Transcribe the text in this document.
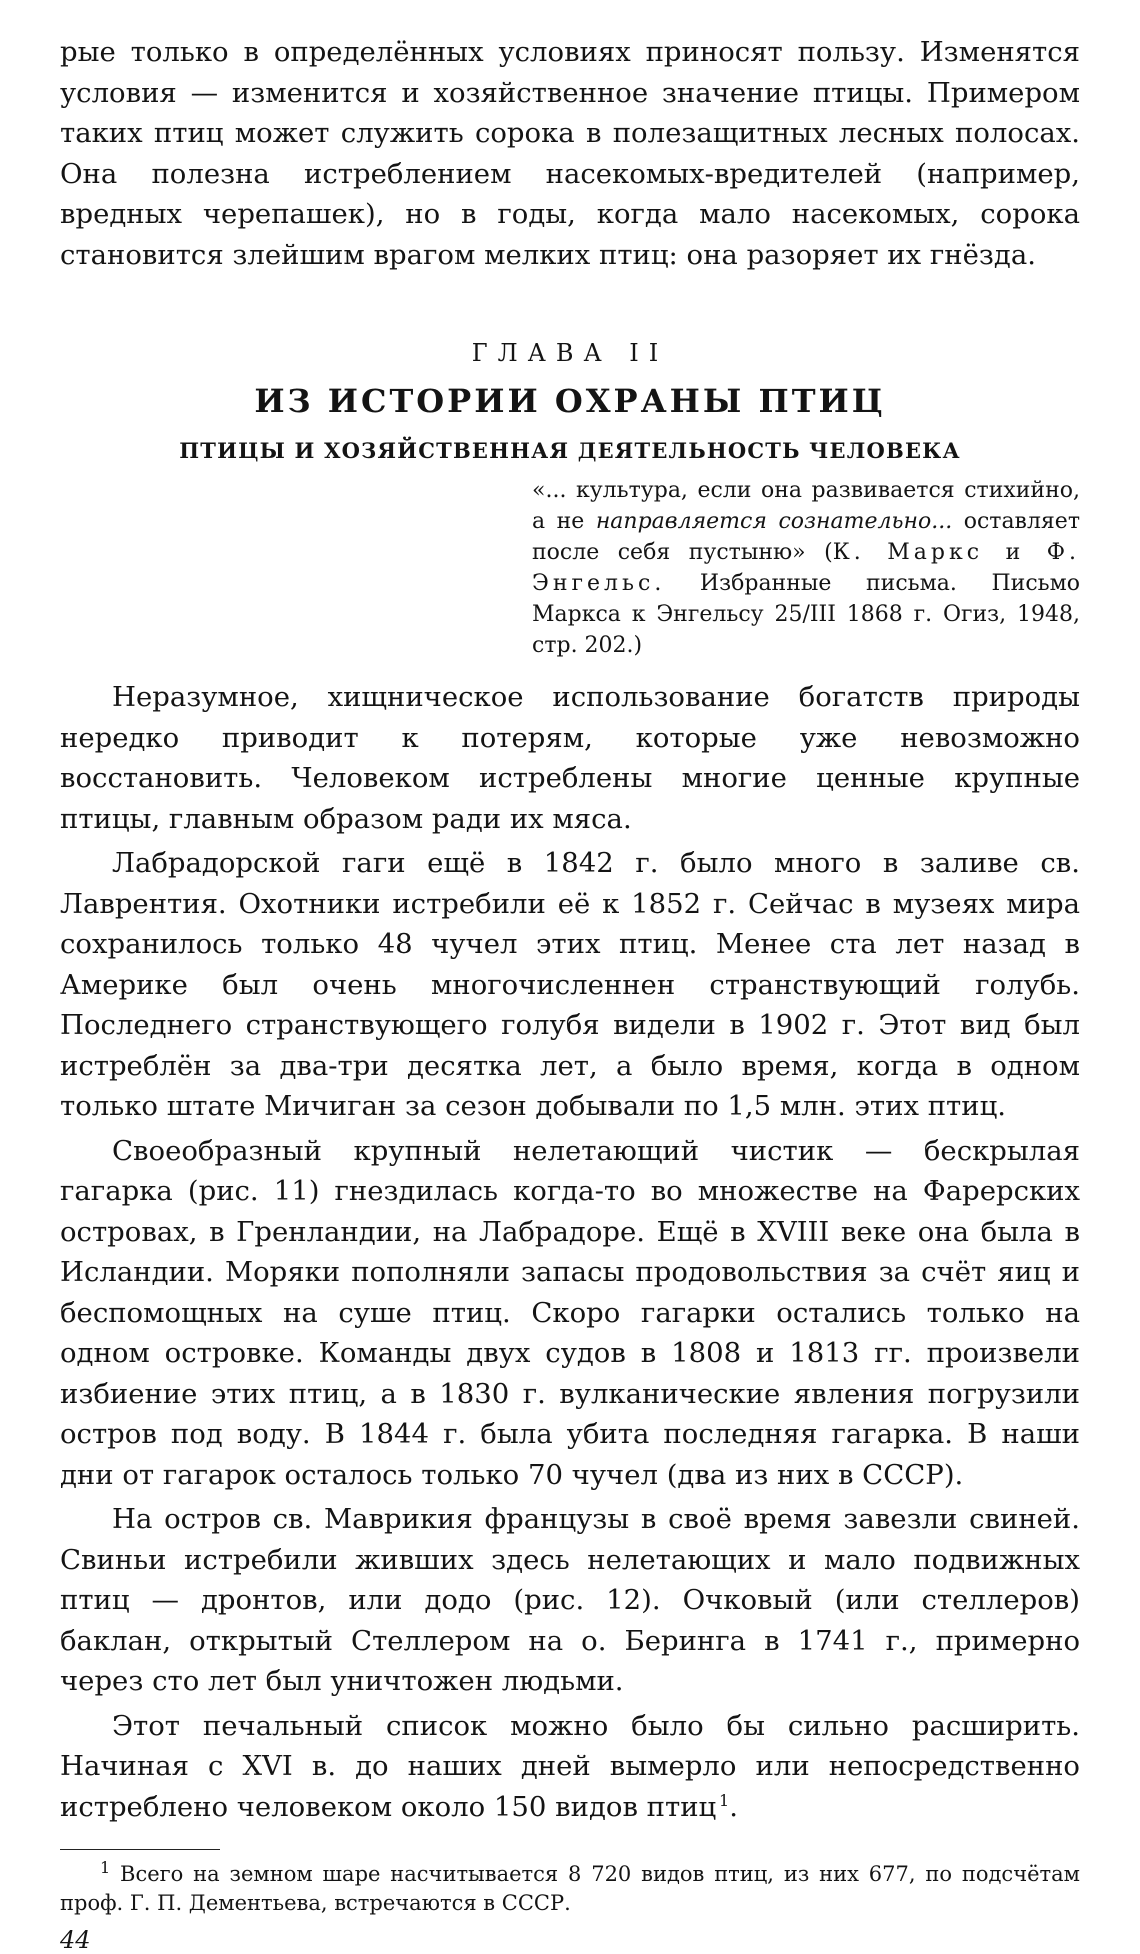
рые только в определённых условиях приносят пользу. Изменятся условия — изменится и хозяйственное значение птицы. Примером таких птиц может служить сорока в полезащитных лесных полосах. Она полезна истреблением насекомых-вредителей (например, вредных черепашек), но в годы, когда мало насекомых, сорока становится злейшим врагом мелких птиц: она разоряет их гнёзда.

ГЛАВА II
ИЗ ИСТОРИИ ОХРАНЫ ПТИЦ
ПТИЦЫ И ХОЗЯЙСТВЕННАЯ ДЕЯТЕЛЬНОСТЬ ЧЕЛОВЕКА
«... культура, если она развивается стихийно, а не направляется сознательно... оставляет после себя пустыню» (К. Маркс и Ф. Энгельс. Избранные письма. Письмо Маркса к Энгельсу 25/III 1868 г. Огиз, 1948, стр. 202.)

Неразумное, хищническое использование богатств природы нередко приводит к потерям, которые уже невозможно восстановить. Человеком истреблены многие ценные крупные птицы, главным образом ради их мяса.

Лабрадорской гаги ещё в 1842 г. было много в заливе св. Лаврентия. Охотники истребили её к 1852 г. Сейчас в музеях мира сохранилось только 48 чучел этих птиц. Менее ста лет назад в Америке был очень многочисленнен странствующий голубь. Последнего странствующего голубя видели в 1902 г. Этот вид был истреблён за два-три десятка лет, а было время, когда в одном только штате Мичиган за сезон добывали по 1,5 млн. этих птиц.

Своеобразный крупный нелетающий чистик — бескрылая гагарка (рис. 11) гнездилась когда-то во множестве на Фарерских островах, в Гренландии, на Лабрадоре. Ещё в XVIII веке она была в Исландии. Моряки пополняли запасы продовольствия за счёт яиц и беспомощных на суше птиц. Скоро гагарки остались только на одном островке. Команды двух судов в 1808 и 1813 гг. произвели избиение этих птиц, а в 1830 г. вулканические явления погрузили остров под воду. В 1844 г. была убита последняя гагарка. В наши дни от гагарок осталось только 70 чучел (два из них в СССР).

На остров св. Маврикия французы в своё время завезли свиней. Свиньи истребили живших здесь нелетающих и мало подвижных птиц — дронтов, или додо (рис. 12). Очковый (или стеллеров) баклан, открытый Стеллером на о. Беринга в 1741 г., примерно через сто лет был уничтожен людьми.

Этот печальный список можно было бы сильно расширить. Начиная с XVI в. до наших дней вымерло или непосредственно истреблено человеком около 150 видов птиц  $^1$.

$^1$ Всего на земном шаре насчитывается 8 720 видов птиц, из них 677, по подсчётам проф. Г. П. Дементьева, встречаются в СССР.

44
